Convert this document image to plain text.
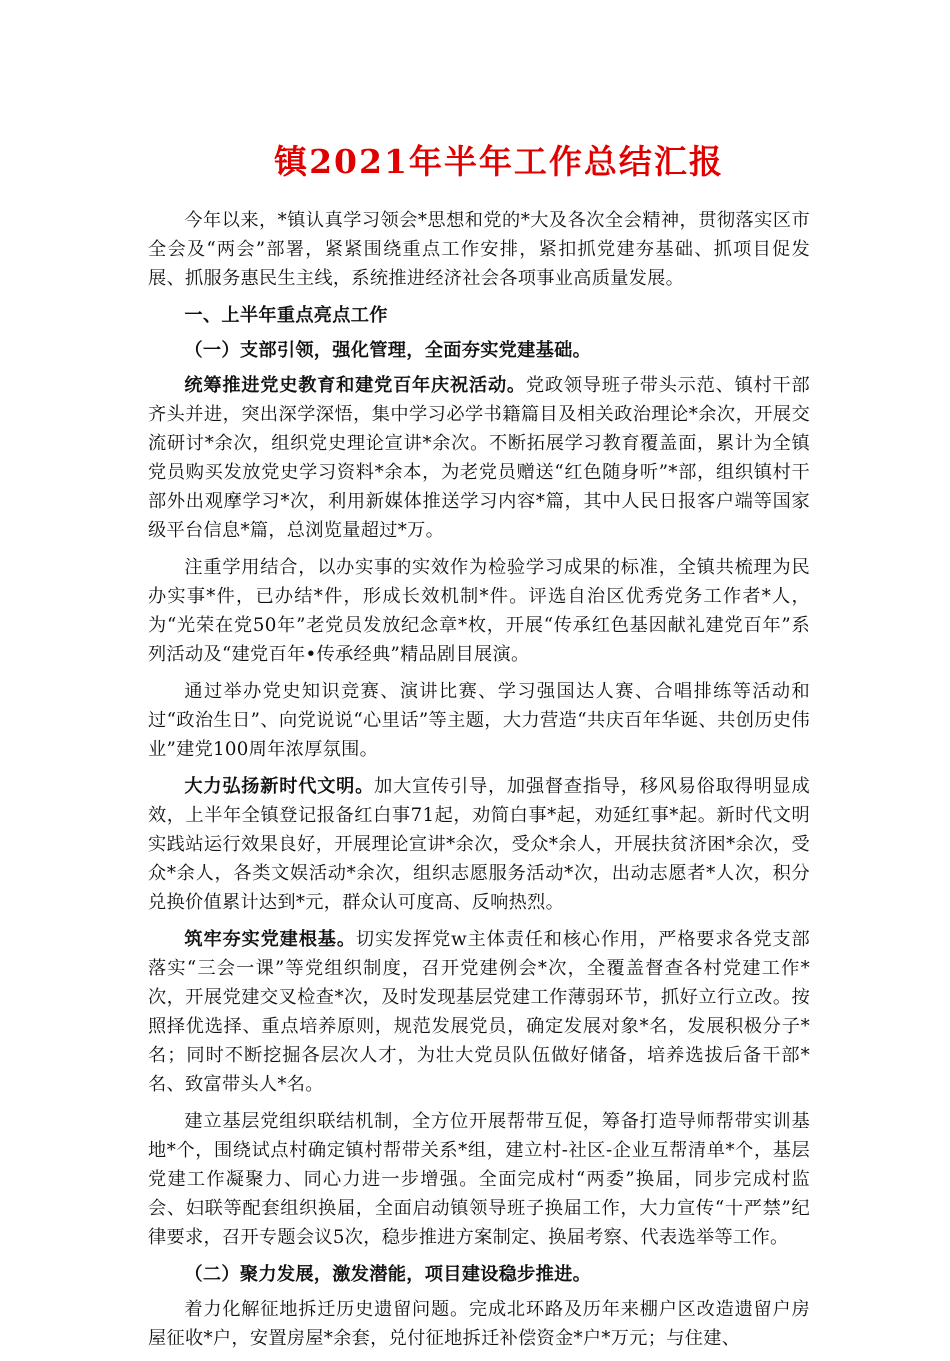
镇2021年半年工作总结汇报

今年以来，*镇认真学习领会*思想和党的*大及各次全会精神，贯彻落实区市全会及“两会”部署，紧紧围绕重点工作安排，紧扣抓党建夯基础、抓项目促发展、抓服务惠民生主线，系统推进经济社会各项事业高质量发展。

一、上半年重点亮点工作

（一）支部引领，强化管理，全面夯实党建基础。

统筹推进党史教育和建党百年庆祝活动。党政领导班子带头示范、镇村干部齐头并进，突出深学深悟，集中学习必学书籍篇目及相关政治理论*余次，开展交流研讨*余次，组织党史理论宣讲*余次。不断拓展学习教育覆盖面，累计为全镇党员购买发放党史学习资料*余本，为老党员赠送“红色随身听”*部，组织镇村干部外出观摩学习*次，利用新媒体推送学习内容*篇，其中人民日报客户端等国家级平台信息*篇，总浏览量超过*万。

注重学用结合，以办实事的实效作为检验学习成果的标准，全镇共梳理为民办实事*件，已办结*件，形成长效机制*件。评选自治区优秀党务工作者*人，为“光荣在党50年”老党员发放纪念章*枚，开展“传承红色基因献礼建党百年”系列活动及“建党百年•传承经典”精品剧目展演。

通过举办党史知识竞赛、演讲比赛、学习强国达人赛、合唱排练等活动和过“政治生日”、向党说说“心里话”等主题，大力营造“共庆百年华诞、共创历史伟业”建党100周年浓厚氛围。

大力弘扬新时代文明。加大宣传引导，加强督查指导，移风易俗取得明显成效，上半年全镇登记报备红白事71起，劝简白事*起，劝延红事*起。新时代文明实践站运行效果良好，开展理论宣讲*余次，受众*余人，开展扶贫济困*余次，受众*余人，各类文娱活动*余次，组织志愿服务活动*次，出动志愿者*人次，积分兑换价值累计达到*元，群众认可度高、反响热烈。

筑牢夯实党建根基。切实发挥党w主体责任和核心作用，严格要求各党支部落实“三会一课”等党组织制度，召开党建例会*次，全覆盖督查各村党建工作*次，开展党建交叉检查*次，及时发现基层党建工作薄弱环节，抓好立行立改。按照择优选择、重点培养原则，规范发展党员，确定发展对象*名，发展积极分子*名；同时不断挖掘各层次人才，为壮大党员队伍做好储备，培养选拔后备干部*名、致富带头人*名。

建立基层党组织联结机制，全方位开展帮带互促，筹备打造导师帮带实训基地*个，围绕试点村确定镇村帮带关系*组，建立村-社区-企业互帮清单*个，基层党建工作凝聚力、同心力进一步增强。全面完成村“两委”换届，同步完成村监会、妇联等配套组织换届，全面启动镇领导班子换届工作，大力宣传“十严禁”纪律要求，召开专题会议5次，稳步推进方案制定、换届考察、代表选举等工作。

（二）聚力发展，激发潜能，项目建设稳步推进。

着力化解征地拆迁历史遗留问题。完成北环路及历年来棚户区改造遗留户房屋征收*户，安置房屋*余套，兑付征地拆迁补偿资金*户*万元；与住建、
